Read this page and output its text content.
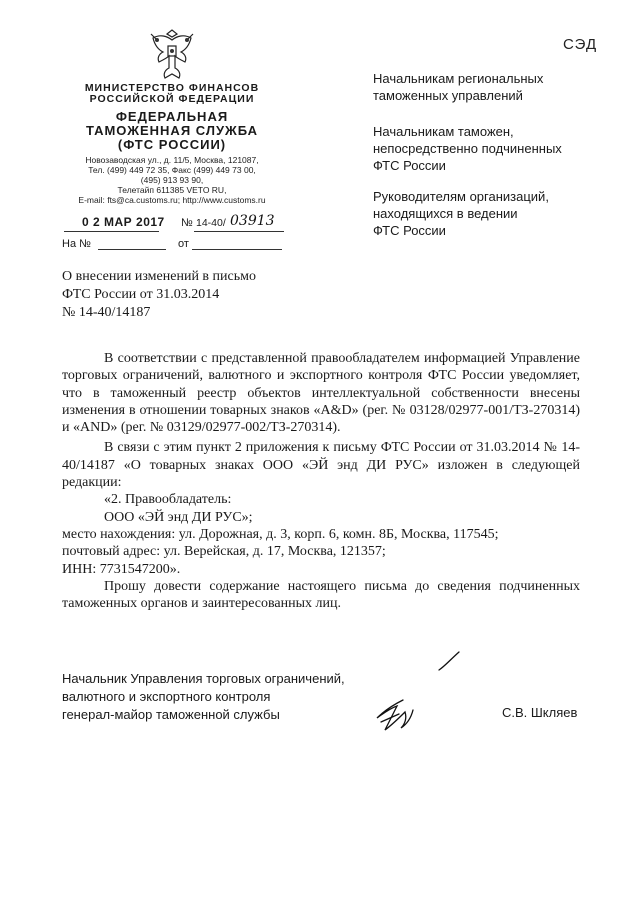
СЭД
МИНИСТЕРСТВО ФИНАНСОВ
РОССИЙСКОЙ ФЕДЕРАЦИИ
ФЕДЕРАЛЬНАЯ
ТАМОЖЕННАЯ СЛУЖБА
(ФТС РОССИИ)
Новозаводская ул., д. 11/5, Москва, 121087,
Тел. (499) 449 72 35, Факс (499) 449 73 00,
(495) 913 93 90,
Телетайп 611385 VETO RU,
E-mail: fts@ca.customs.ru; http://www.customs.ru
0 2 МАР 2017 № 14-40/ 03913
На №	от
Начальникам региональных
таможенных управлений
Начальникам таможен,
непосредственно подчиненных
ФТС России
Руководителям организаций,
находящихся в ведении
ФТС России
О внесении изменений в письмо
ФТС России от 31.03.2014
№ 14-40/14187

В соответствии с представленной правообладателем информацией Управление торговых ограничений, валютного и экспортного контроля ФТС России уведомляет, что в таможенный реестр объектов интеллектуальной собственности внесены изменения в отношении товарных знаков «A&D» (рег. № 03128/02977-001/ТЗ-270314) и «AND» (рег. № 03129/02977-002/ТЗ-270314).

В связи с этим пункт 2 приложения к письму ФТС России от 31.03.2014 № 14-40/14187 «О товарных знаках ООО «ЭЙ энд ДИ РУС» изложен в следующей редакции:

«2. Правообладатель:

ООО «ЭЙ энд ДИ РУС»;

место нахождения: ул. Дорожная, д. 3, корп. 6, комн. 8Б, Москва, 117545;

почтовый адрес: ул. Верейская, д. 17, Москва, 121357;

ИНН: 7731547200».

Прошу довести содержание настоящего письма до сведения подчиненных таможенных органов и заинтересованных лиц.

Начальник Управления торговых ограничений,
валютного и экспортного контроля
генерал-майор таможенной службы	С.В. Шкляев
